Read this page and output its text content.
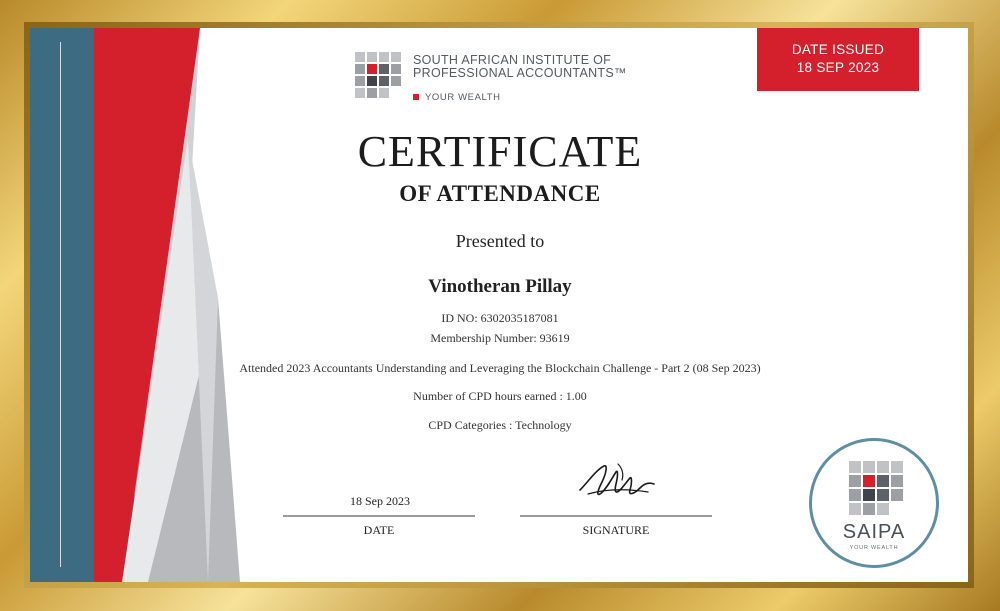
SOUTH AFRICAN INSTITUTE OF
PROFESSIONAL ACCOUNTANTS™
YOUR WEALTH
DATE ISSUED
18 SEP 2023
CERTIFICATE
OF ATTENDANCE
Presented to
Vinotheran Pillay
ID NO: 6302035187081
Membership Number: 93619
Attended 2023 Accountants Understanding and Leveraging the Blockchain Challenge - Part 2 (08 Sep 2023)
Number of CPD hours earned : 1.00
CPD Categories : Technology
18 Sep 2023
DATE	SIGNATURE	SAIPA
YOUR WEALTH
